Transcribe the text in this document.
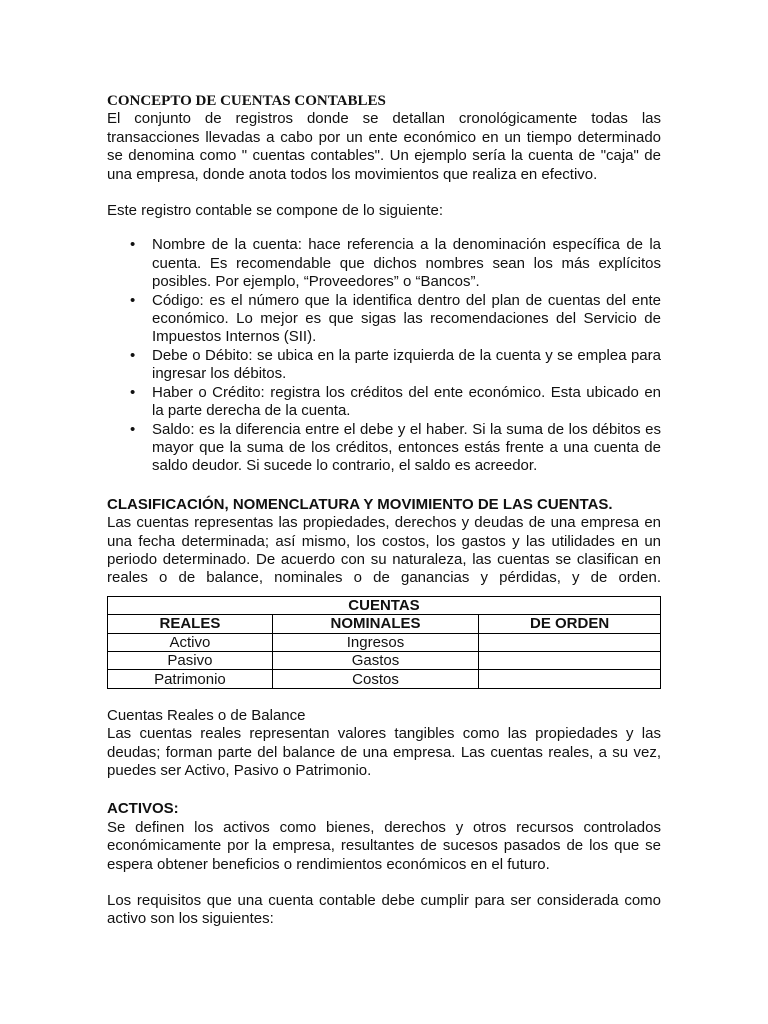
CONCEPTO DE CUENTAS CONTABLES
El conjunto de registros donde se detallan cronológicamente todas las transacciones llevadas a cabo por un ente económico en un tiempo determinado se denomina como " cuentas contables". Un ejemplo sería la cuenta de "caja" de una empresa, donde anota todos los movimientos que realiza en efectivo.
Este registro contable se compone de lo siguiente:
• Nombre de la cuenta: hace referencia a la denominación específica de la cuenta. Es recomendable que dichos nombres sean los más explícitos posibles. Por ejemplo, “Proveedores” o “Bancos”.
• Código: es el número que la identifica dentro del plan de cuentas del ente económico. Lo mejor es que sigas las recomendaciones del Servicio de Impuestos Internos (SII).
• Debe o Débito: se ubica en la parte izquierda de la cuenta y se emplea para ingresar los débitos.
• Haber o Crédito: registra los créditos del ente económico. Esta ubicado en la parte derecha de la cuenta.
• Saldo: es la diferencia entre el debe y el haber. Si la suma de los débitos es mayor que la suma de los créditos, entonces estás frente a una cuenta de saldo deudor. Si sucede lo contrario, el saldo es acreedor.
CLASIFICACIÓN, NOMENCLATURA Y MOVIMIENTO DE LAS CUENTAS.
Las cuentas representas las propiedades, derechos y deudas de una empresa en una fecha determinada; así mismo, los costos, los gastos y las utilidades en un periodo determinado. De acuerdo con su naturaleza, las cuentas se clasifican en reales o de balance, nominales o de ganancias y pérdidas, y de orden.
CUENTAS		
REALES	NOMINALES	DE ORDEN
Activo	Ingresos	
Pasivo	Gastos	
Patrimonio	Costos	
Cuentas Reales o de Balance
Las cuentas reales representan valores tangibles como las propiedades y las deudas; forman parte del balance de una empresa. Las cuentas reales, a su vez, puedes ser Activo, Pasivo o Patrimonio.
ACTIVOS:
Se definen los activos como bienes, derechos y otros recursos controlados económicamente por la empresa, resultantes de sucesos pasados de los que se espera obtener beneficios o rendimientos económicos en el futuro.
Los requisitos que una cuenta contable debe cumplir para ser considerada como activo son los siguientes:
